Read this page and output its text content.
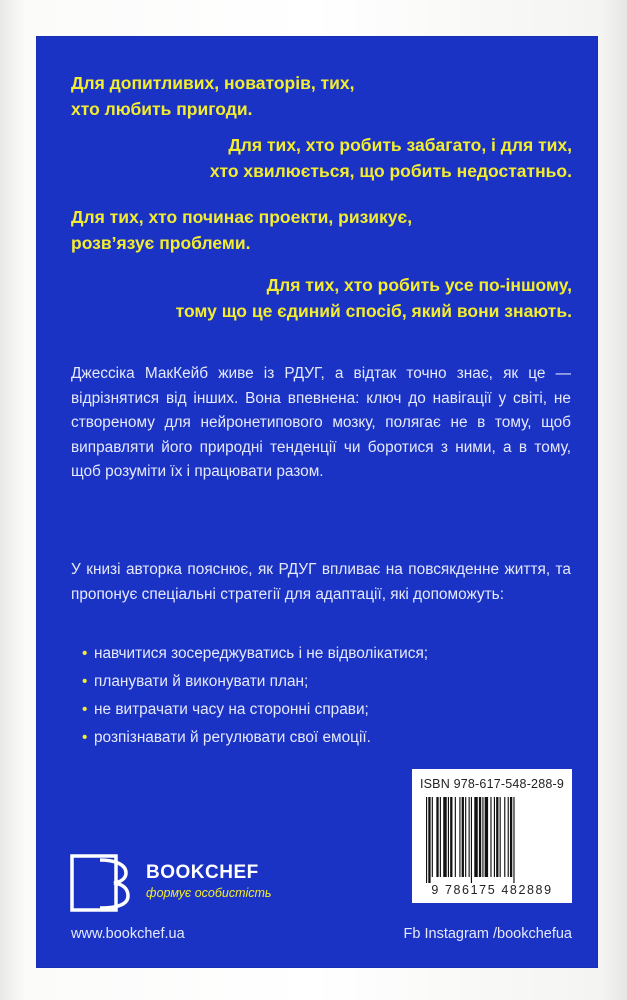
Для допитливих, новаторів, тих,
хто любить пригоди.
Для тих, хто робить забагато, і для тих,
хто хвилюється, що робить недостатньо.
Для тих, хто починає проекти, ризикує,
розв’язує проблеми.
Для тих, хто робить усе по-іншому,
тому що це єдиний спосіб, який вони знають.

Джессіка МакКейб живе із РДУГ, а відтак точно знає, як це — відрізнятися від інших. Вона впевнена: ключ до навігації у світі, не створеному для нейронетипового мозку, полягає не в тому, щоб виправляти його природні тенденції чи боротися з ними, а в тому, щоб розуміти їх і працювати разом.

У книзі авторка пояснює, як РДУГ впливає на повсякденне життя, та пропонує спеціальні стратегії для адаптації, які допоможуть:

• навчитися зосереджуватись і не відволікатися;
• планувати й виконувати план;
• не витрачати часу на сторонні справи;
• розпізнавати й регулювати свої емоції.
ISBN 978-617-548-288-9
9 786175 482889
BOOKCHEF
формує особистість
www.bookchef.ua	Fb Instagram /bookchefua
